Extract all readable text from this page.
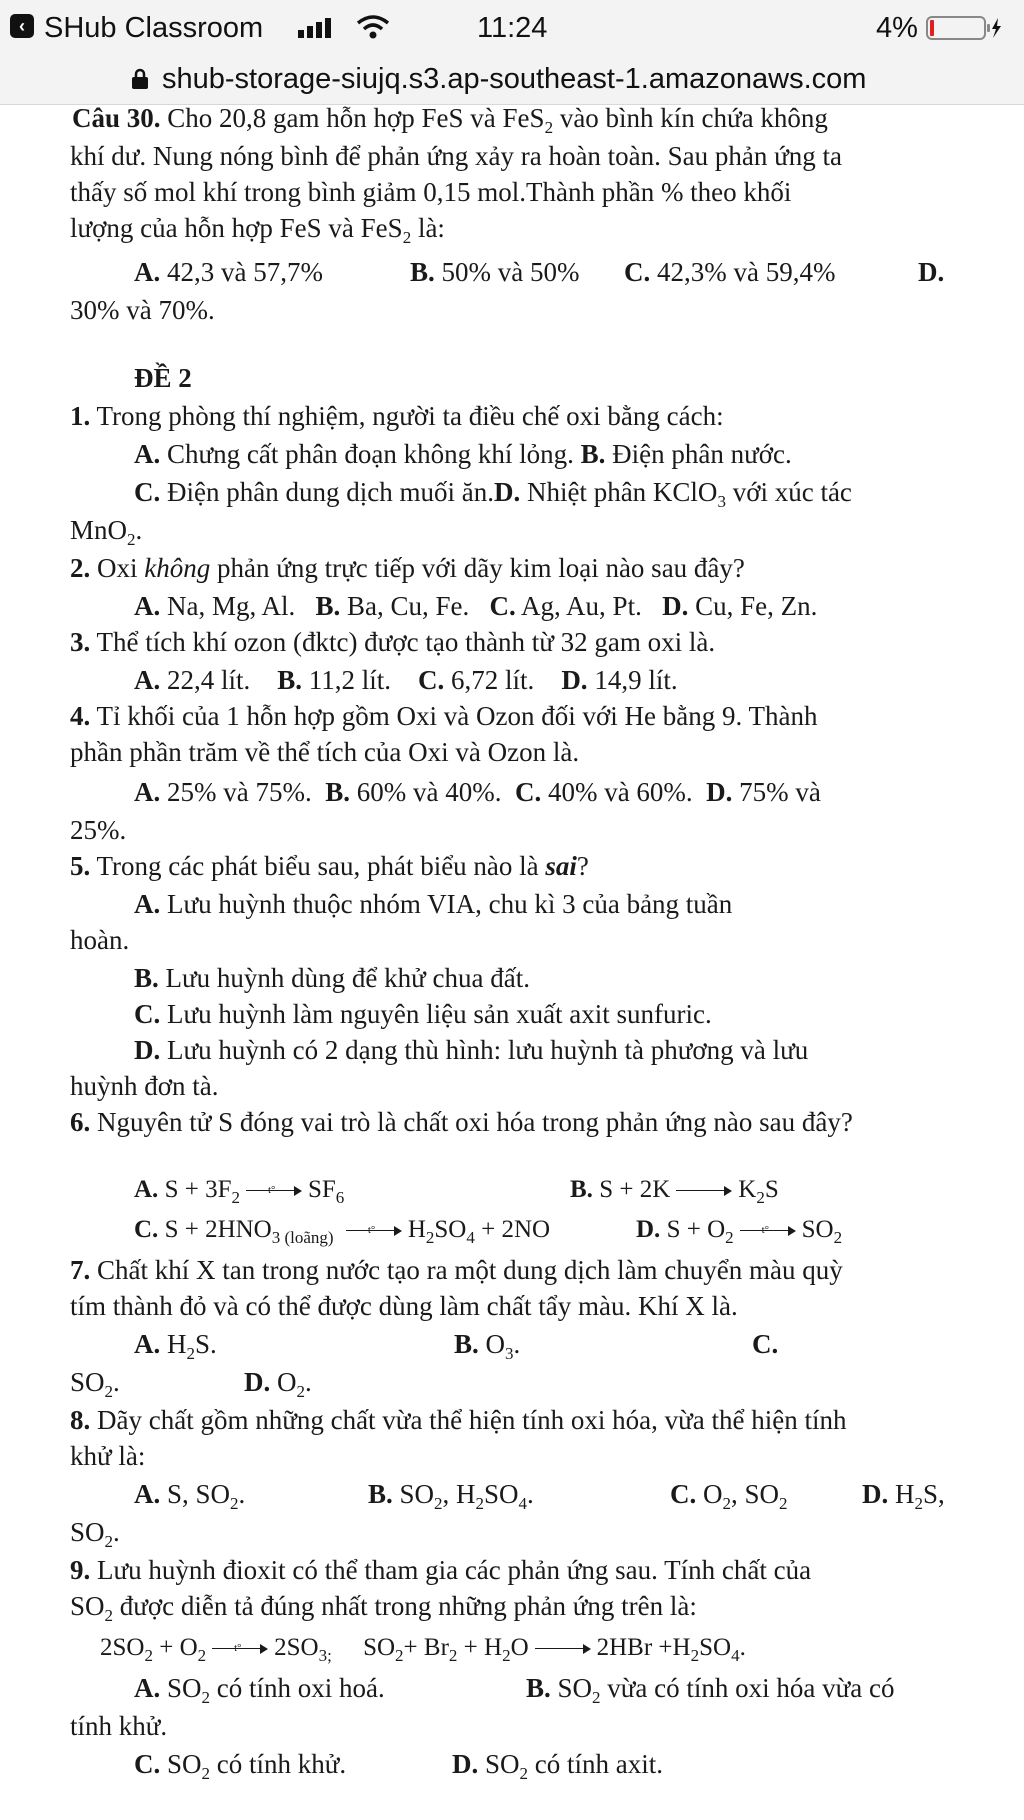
‹ SHub Classroom	11:24	4%
shub-storage-siujq.s3.ap-southeast-1.amazonaws.com
Câu 30. Cho 20,8 gam hỗn hợp FeS và FeS$_2$ vào bình kín chứa không
khí dư. Nung nóng bình để phản ứng xảy ra hoàn toàn. Sau phản ứng ta
thấy số mol khí trong bình giảm 0,15 mol.Thành phần % theo khối
lượng của hỗn hợp FeS và FeS$_2$ là:
A. 42,3 và 57,7%	B. 50% và 50% C. 42,3% và 59,4%	D.
30% và 70%.
ĐỀ 2
1. Trong phòng thí nghiệm, người ta điều chế oxi bằng cách:
A. Chưng cất phân đoạn không khí lỏng. B. Điện phân nước.
C. Điện phân dung dịch muối ăn.D. Nhiệt phân KClO$_3$ với xúc tác
MnO$_2$.
2. Oxi không phản ứng trực tiếp với dãy kim loại nào sau đây?
A. Na, Mg, Al. B. Ba, Cu, Fe. C. Ag, Au, Pt. D. Cu, Fe, Zn.
3. Thể tích khí ozon (đktc) được tạo thành từ 32 gam oxi là.
A. 22,4 lít. B. 11,2 lít. C. 6,72 lít. D. 14,9 lít.
4. Tỉ khối của 1 hỗn hợp gồm Oxi và Ozon đối với He bằng 9. Thành
phần phần trăm về thể tích của Oxi và Ozon là.
A. 25% và 75%. B. 60% và 40%. C. 40% và 60%. D. 75% và
25%.
5. Trong các phát biểu sau, phát biểu nào là sai?
A. Lưu huỳnh thuộc nhóm VIA, chu kì 3 của bảng tuần
hoàn.
B. Lưu huỳnh dùng để khử chua đất.
C. Lưu huỳnh làm nguyên liệu sản xuất axit sunfuric.
D. Lưu huỳnh có 2 dạng thù hình: lưu huỳnh tà phương và lưu
huỳnh đơn tà.
6. Nguyên tử S đóng vai trò là chất oxi hóa trong phản ứng nào sau đây?
A. $S + 3F_2$	t° $SF_6$	B. S + 2K	$K_2S$
C. $S + 2HNO_{3 (loãng)}$	t° $H_2SO_4 + 2NO$	D. $S + O_2$	t° $SO_2$
7. Chất khí X tan trong nước tạo ra một dung dịch làm chuyển màu quỳ
tím thành đỏ và có thể được dùng làm chất tẩy màu. Khí X là.
A. $H_2S$.	B. $O_3$.	C.
$SO_2$.	D. $O_2$.
8. Dãy chất gồm những chất vừa thể hiện tính oxi hóa, vừa thể hiện tính
khử là:
A. S, $SO_2$.	B. $SO_2$, $H_2SO_4$.	C. $O_2$, $SO_2$	D. $H_2S$,
$SO_2$.
9. Lưu huỳnh đioxit có thể tham gia các phản ứng sau. Tính chất của
$SO_2$ được diễn tả đúng nhất trong những phản ứng trên là:
$2SO_2 + O_2$	t° $2SO_{3;}$     $SO_2+ Br_2 + H_2O$	$2HBr +H_2SO_4$.
A. $SO_2$ có tính oxi hoá.	B. $SO_2$ vừa có tính oxi hóa vừa có
tính khử.
C. $SO_2$ có tính khử.	D. $SO_2$ có tính axit.
